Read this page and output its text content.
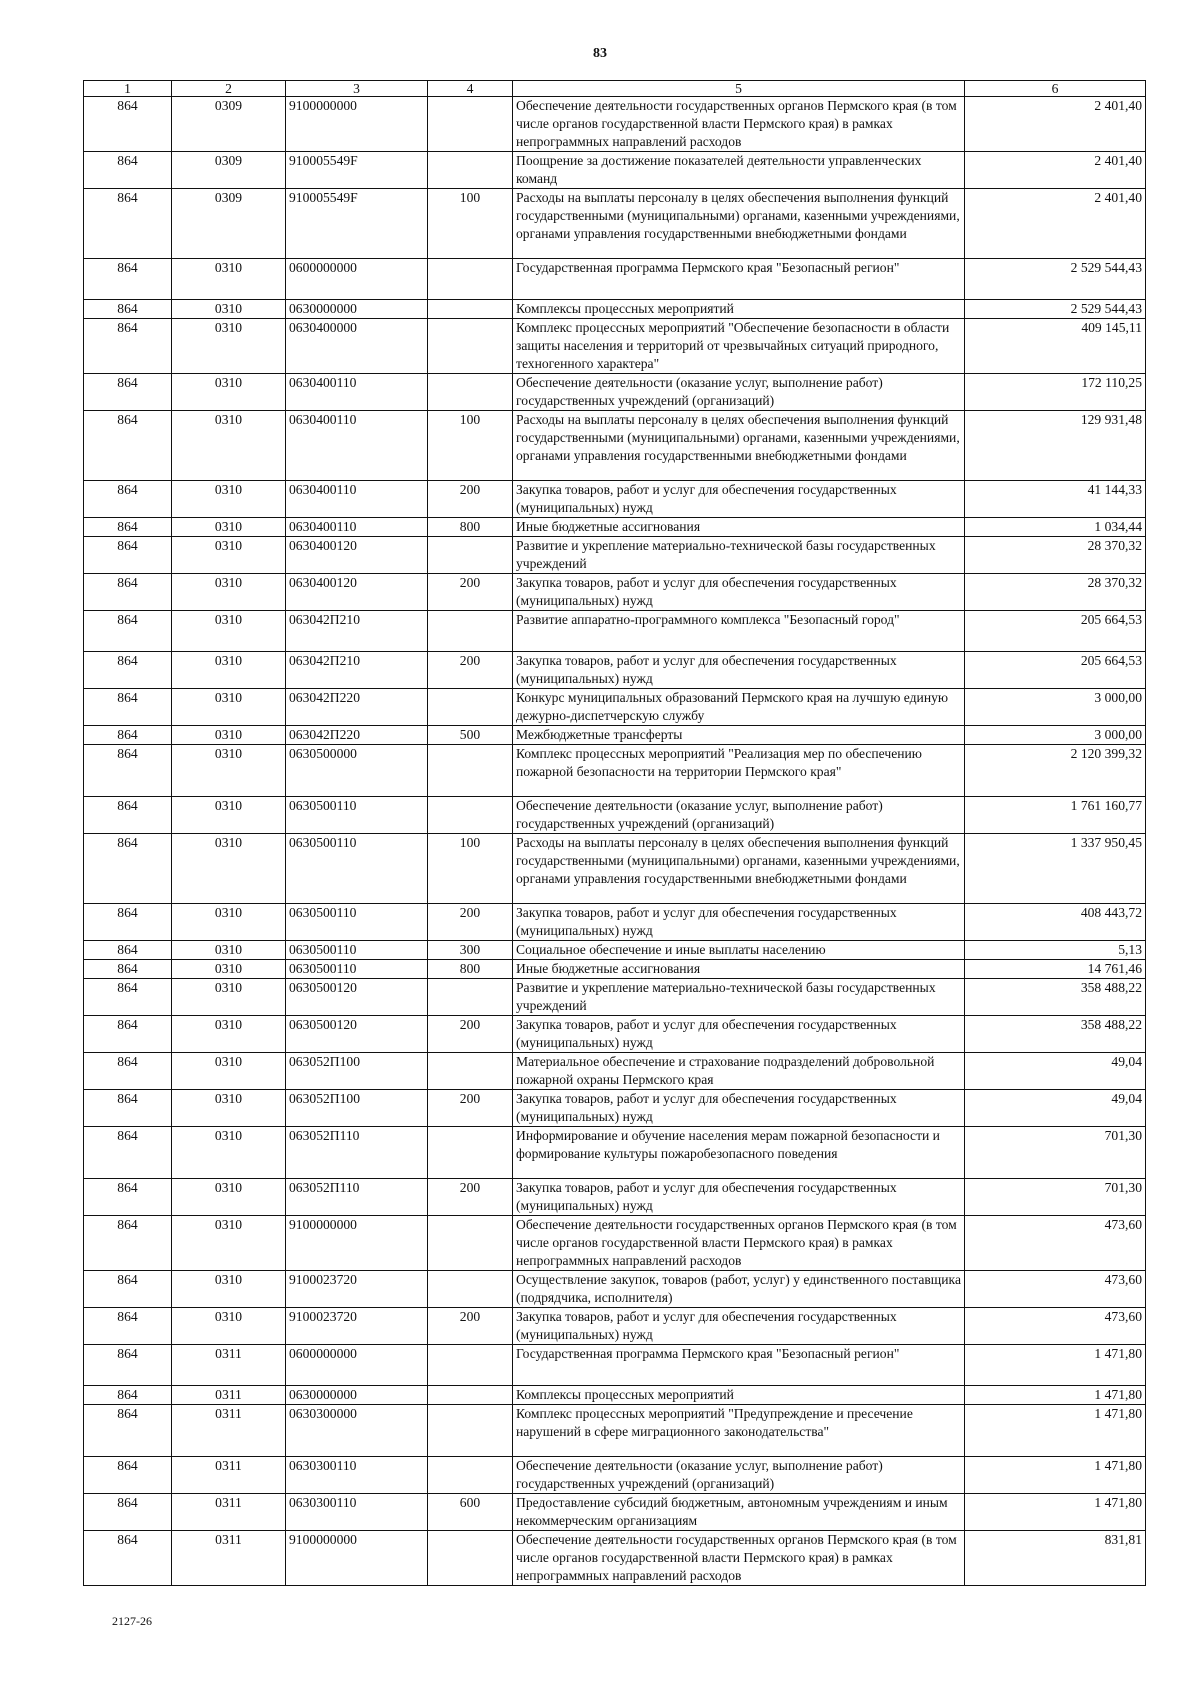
83
1	2	3	4	5	6
864	0309	9100000000		Обеспечение деятельности государственных органов Пермского края (в том числе органов государственной власти Пермского края) в рамках непрограммных направлений расходов	2 401,40
864	0309	910005549F		Поощрение за достижение показателей деятельности управленческих команд	2 401,40
864	0309	910005549F	100	Расходы на выплаты персоналу в целях обеспечения выполнения функций государственными (муниципальными) органами, казенными учреждениями, органами управления государственными внебюджетными фондами	2 401,40
864	0310	0600000000		Государственная программа Пермского края "Безопасный регион"	2 529 544,43
864	0310	0630000000		Комплексы процессных мероприятий	2 529 544,43
864	0310	0630400000		Комплекс процессных мероприятий "Обеспечение безопасности в области защиты населения и территорий от чрезвычайных ситуаций природного, техногенного характера"	409 145,11
864	0310	0630400110		Обеспечение деятельности (оказание услуг, выполнение работ) государственных учреждений (организаций)	172 110,25
864	0310	0630400110	100	Расходы на выплаты персоналу в целях обеспечения выполнения функций государственными (муниципальными) органами, казенными учреждениями, органами управления государственными внебюджетными фондами	129 931,48
864	0310	0630400110	200	Закупка товаров, работ и услуг для обеспечения государственных (муниципальных) нужд	41 144,33
864	0310	0630400110	800	Иные бюджетные ассигнования	1 034,44
864	0310	0630400120		Развитие и укрепление материально-технической базы государственных учреждений	28 370,32
864	0310	0630400120	200	Закупка товаров, работ и услуг для обеспечения государственных (муниципальных) нужд	28 370,32
864	0310	063042П210		Развитие аппаратно-программного комплекса "Безопасный город"	205 664,53
864	0310	063042П210	200	Закупка товаров, работ и услуг для обеспечения государственных (муниципальных) нужд	205 664,53
864	0310	063042П220		Конкурс муниципальных образований Пермского края на лучшую единую дежурно-диспетчерскую службу	3 000,00
864	0310	063042П220	500	Межбюджетные трансферты	3 000,00
864	0310	0630500000		Комплекс процессных мероприятий "Реализация мер по обеспечению пожарной безопасности на территории Пермского края"	2 120 399,32
864	0310	0630500110		Обеспечение деятельности (оказание услуг, выполнение работ) государственных учреждений (организаций)	1 761 160,77
864	0310	0630500110	100	Расходы на выплаты персоналу в целях обеспечения выполнения функций государственными (муниципальными) органами, казенными учреждениями, органами управления государственными внебюджетными фондами	1 337 950,45
864	0310	0630500110	200	Закупка товаров, работ и услуг для обеспечения государственных (муниципальных) нужд	408 443,72
864	0310	0630500110	300	Социальное обеспечение и иные выплаты населению	5,13
864	0310	0630500110	800	Иные бюджетные ассигнования	14 761,46
864	0310	0630500120		Развитие и укрепление материально-технической базы государственных учреждений	358 488,22
864	0310	0630500120	200	Закупка товаров, работ и услуг для обеспечения государственных (муниципальных) нужд	358 488,22
864	0310	063052П100		Материальное обеспечение и страхование подразделений добровольной пожарной охраны Пермского края	49,04
864	0310	063052П100	200	Закупка товаров, работ и услуг для обеспечения государственных (муниципальных) нужд	49,04
864	0310	063052П110		Информирование и обучение населения мерам пожарной безопасности и формирование культуры пожаробезопасного поведения	701,30
864	0310	063052П110	200	Закупка товаров, работ и услуг для обеспечения государственных (муниципальных) нужд	701,30
864	0310	9100000000		Обеспечение деятельности государственных органов Пермского края (в том числе органов государственной власти Пермского края) в рамках непрограммных направлений расходов	473,60
864	0310	9100023720		Осуществление закупок, товаров (работ, услуг) у единственного поставщика (подрядчика, исполнителя)	473,60
864	0310	9100023720	200	Закупка товаров, работ и услуг для обеспечения государственных (муниципальных) нужд	473,60
864	0311	0600000000		Государственная программа Пермского края "Безопасный регион"	1 471,80
864	0311	0630000000		Комплексы процессных мероприятий	1 471,80
864	0311	0630300000		Комплекс процессных мероприятий "Предупреждение и пресечение нарушений в сфере миграционного законодательства"	1 471,80
864	0311	0630300110		Обеспечение деятельности (оказание услуг, выполнение работ) государственных учреждений (организаций)	1 471,80
864	0311	0630300110	600	Предоставление субсидий бюджетным, автономным учреждениям и иным некоммерческим организациям	1 471,80
864	0311	9100000000		Обеспечение деятельности государственных органов Пермского края (в том числе органов государственной власти Пермского края) в рамках непрограммных направлений расходов	831,81
2127-26
